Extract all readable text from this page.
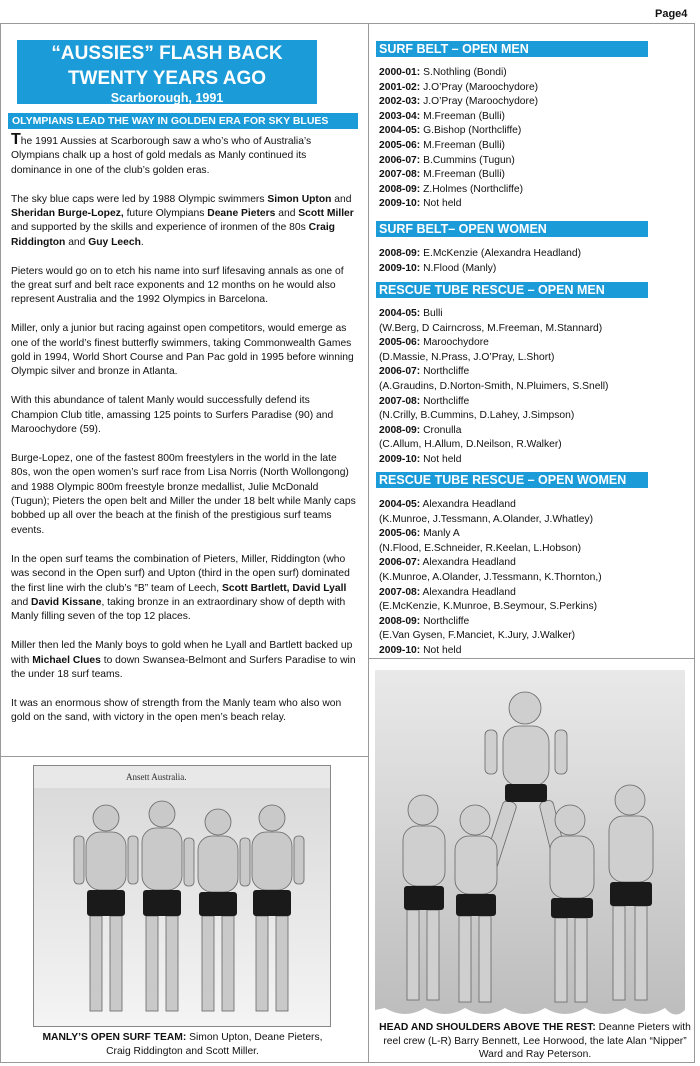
Page4
“AUSSIES” FLASH BACK
TWENTY YEARS AGO
Scarborough, 1991
OLYMPIANS LEAD THE WAY IN GOLDEN ERA FOR SKY BLUES

The 1991 Aussies at Scarborough saw a who’s who of Australia’s Olympians chalk up a host of gold medals as Manly continued its dominance in one of the club’s golden eras.

The sky blue caps were led by 1988 Olympic swimmers Simon Upton and Sheridan Burge-Lopez, future Olympians Deane Pieters and Scott Miller and supported by the skills and experience of ironmen of the 80s Craig Riddington and Guy Leech.

Pieters would go on to etch his name into surf lifesaving annals as one of the great surf and belt race exponents and 12 months on he would also represent Australia and the 1992 Olympics in Barcelona.

Miller, only a junior but racing against open competitors, would emerge as one of the world’s finest butterfly swimmers, taking Commonwealth Games gold in 1994, World Short Course and Pan Pac gold in 1995 before winning Olympic silver and bronze in Atlanta.

With this abundance of talent Manly would successfully defend its Champion Club title, amassing 125 points to Surfers Paradise (90) and Maroochydore (59).

Burge-Lopez, one of the fastest 800m freestylers in the world in the late 80s, won the open women’s surf race from Lisa Norris (North Wollongong) and 1988 Olympic 800m freestyle bronze medallist, Julie McDonald (Tugun); Pieters the open belt and Miller the under 18 belt while Manly caps bobbed up all over the beach at the finish of the prestigious surf teams events.

In the open surf teams the combination of Pieters, Miller, Riddington (who was second in the Open surf) and Upton (third in the open surf) dominated the first line wirh the club’s “B” team of Leech, Scott Bartlett, David Lyall and David Kissane, taking bronze in an extraordinary show of depth with Manly filling seven of the top 12 places.

Miller then led the Manly boys to gold when he Lyall and Bartlett backed up with Michael Clues to down Swansea-Belmont and Surfers Paradise to win the under 18 surf teams.

It was an enormous show of strength from the Manly team who also won gold on the sand, with victory in the open men’s beach relay.

SURF BELT – OPEN MEN
2000-01: S.Nothling (Bondi)
2001-02: J.O’Pray (Maroochydore)
2002-03: J.O’Pray (Maroochydore)
2003-04: M.Freeman (Bulli)
2004-05: G.Bishop (Northcliffe)
2005-06: M.Freeman (Bulli)
2006-07: B.Cummins (Tugun)
2007-08: M.Freeman (Bulli)
2008-09: Z.Holmes (Northcliffe)
2009-10: Not held
SURF BELT– OPEN WOMEN
2008-09: E.McKenzie (Alexandra Headland)
2009-10: N.Flood (Manly)
RESCUE TUBE RESCUE – OPEN MEN
2004-05: Bulli
(W.Berg, D Cairncross, M.Freeman, M.Stannard)
2005-06: Maroochydore
(D.Massie, N.Prass, J.O’Pray, L.Short)
2006-07: Northcliffe
(A.Graudins, D.Norton-Smith, N.Pluimers, S.Snell)
2007-08: Northcliffe
(N.Crilly, B.Cummins, D.Lahey, J.Simpson)
2008-09: Cronulla
(C.Allum, H.Allum, D.Neilson, R.Walker)
2009-10: Not held
RESCUE TUBE RESCUE – OPEN WOMEN
2004-05: Alexandra Headland
(K.Munroe, J.Tessmann, A.Olander, J.Whatley)
2005-06: Manly A
(N.Flood, E.Schneider, R.Keelan, L.Hobson)
2006-07: Alexandra Headland
(K.Munroe, A.Olander, J.Tessmann, K.Thornton,)
2007-08: Alexandra Headland
(E.McKenzie, K.Munroe, B.Seymour, S.Perkins)
2008-09: Northcliffe
(E.Van Gysen, F.Manciet, K.Jury, J.Walker)
2009-10: Not held
Ansett Australia.
MANLY’S OPEN SURF TEAM: Simon Upton, Deane Pieters, Craig Riddington and Scott Miller.
HEAD AND SHOULDERS ABOVE THE REST: Deanne Pieters with reel crew (L-R) Barry Bennett, Lee Horwood, the late Alan “Nipper” Ward and Ray Peterson.
